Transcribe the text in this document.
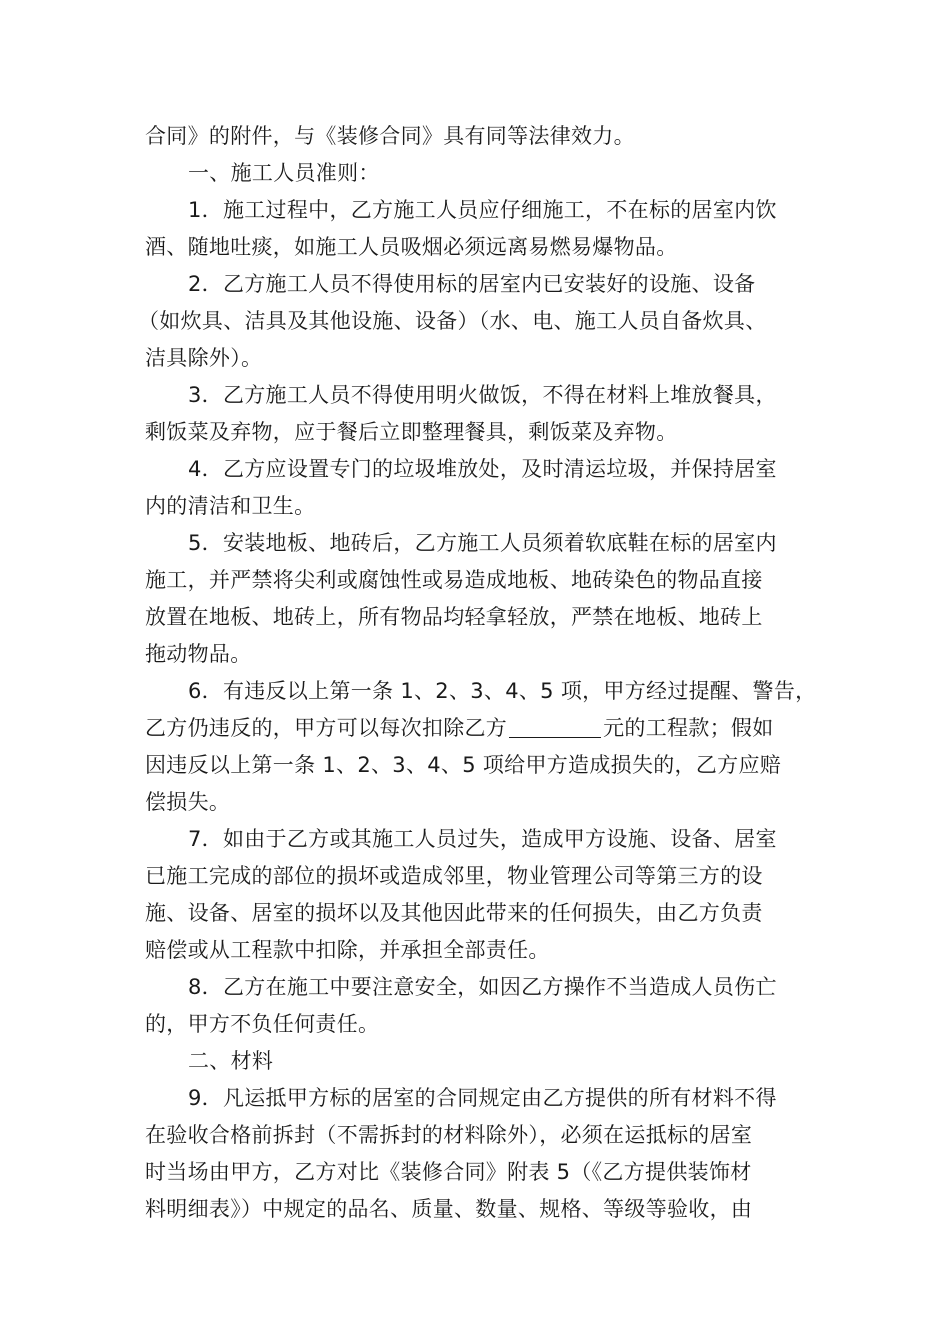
合同》的附件，与《装修合同》具有同等法律效力。
一、施工人员准则：
1．施工过程中，乙方施工人员应仔细施工，不在标的居室内饮
酒、随地吐痰，如施工人员吸烟必须远离易燃易爆物品。
2．乙方施工人员不得使用标的居室内已安装好的设施、设备
（如炊具、洁具及其他设施、设备）（水、电、施工人员自备炊具、
洁具除外）。
3．乙方施工人员不得使用明火做饭，不得在材料上堆放餐具，
剩饭菜及弃物，应于餐后立即整理餐具，剩饭菜及弃物。
4．乙方应设置专门的垃圾堆放处，及时清运垃圾，并保持居室
内的清洁和卫生。
5．安装地板、地砖后，乙方施工人员须着软底鞋在标的居室内
施工，并严禁将尖利或腐蚀性或易造成地板、地砖染色的物品直接
放置在地板、地砖上，所有物品均轻拿轻放，严禁在地板、地砖上
拖动物品。
6．有违反以上第一条 1、2、3、4、5 项，甲方经过提醒、警告，
乙方仍违反的，甲方可以每次扣除乙方	元的工程款；假如
因违反以上第一条 1、2、3、4、5 项给甲方造成损失的，乙方应赔
偿损失。
7．如由于乙方或其施工人员过失，造成甲方设施、设备、居室
已施工完成的部位的损坏或造成邻里，物业管理公司等第三方的设
施、设备、居室的损坏以及其他因此带来的任何损失，由乙方负责
赔偿或从工程款中扣除，并承担全部责任。
8．乙方在施工中要注意安全，如因乙方操作不当造成人员伤亡
的，甲方不负任何责任。
二、材料
9．凡运抵甲方标的居室的合同规定由乙方提供的所有材料不得
在验收合格前拆封（不需拆封的材料除外），必须在运抵标的居室
时当场由甲方，乙方对比《装修合同》附表 5（《乙方提供装饰材
料明细表》）中规定的品名、质量、数量、规格、等级等验收，由
